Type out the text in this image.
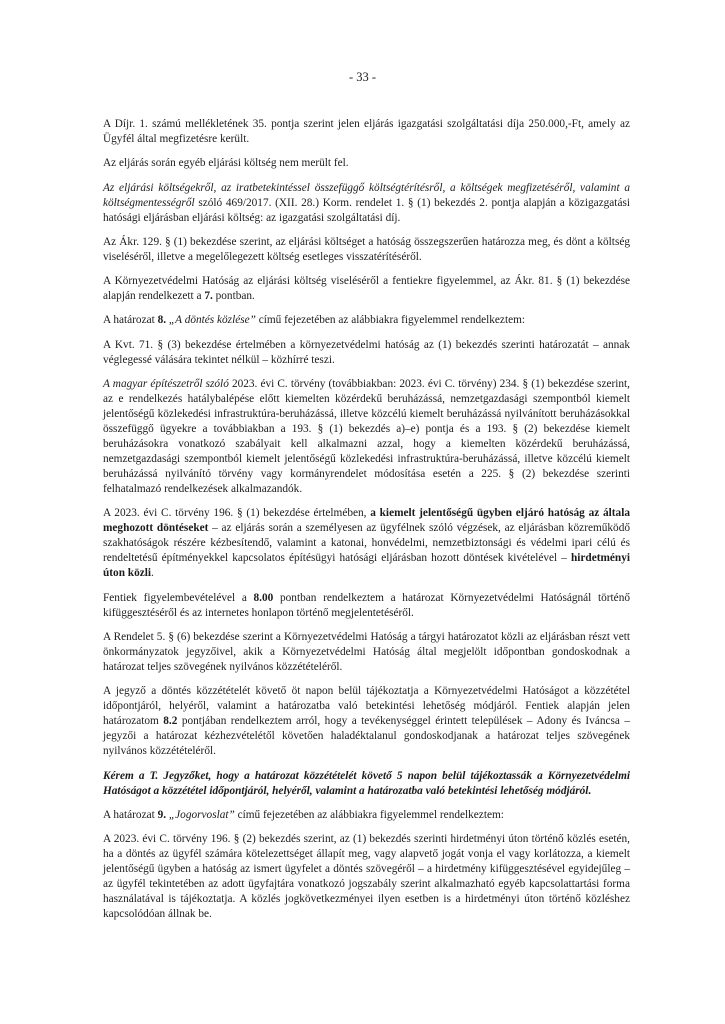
- 33 -

A Díjr. 1. számú mellékletének 35. pontja szerint jelen eljárás igazgatási szolgáltatási díja 250.000,-Ft, amely az Ügyfél által megfizetésre került.

Az eljárás során egyéb eljárási költség nem merült fel.

Az eljárási költségekről, az iratbetekintéssel összefüggő költségtérítésről, a költségek megfizetéséről, valamint a költségmentességről szóló 469/2017. (XII. 28.) Korm. rendelet 1. § (1) bekezdés 2. pontja alapján a közigazgatási hatósági eljárásban eljárási költség: az igazgatási szolgáltatási díj.

Az Ákr. 129. § (1) bekezdése szerint, az eljárási költséget a hatóság összegszerűen határozza meg, és dönt a költség viseléséről, illetve a megelőlegezett költség esetleges visszatérítéséről.

A Környezetvédelmi Hatóság az eljárási költség viseléséről a fentiekre figyelemmel, az Ákr. 81. § (1) bekezdése alapján rendelkezett a 7. pontban.

A határozat 8. „A döntés közlése” című fejezetében az alábbiakra figyelemmel rendelkeztem:

A Kvt. 71. § (3) bekezdése értelmében a környezetvédelmi hatóság az (1) bekezdés szerinti határozatát – annak véglegessé válására tekintet nélkül – közhírré teszi.

A magyar építészetről szóló 2023. évi C. törvény (továbbiakban: 2023. évi C. törvény) 234. § (1) bekezdése szerint, az e rendelkezés hatálybalépése előtt kiemelten közérdekű beruházássá, nemzetgazdasági szempontból kiemelt jelentőségű közlekedési infrastruktúra-beruházássá, illetve közcélú kiemelt beruházássá nyilvánított beruházásokkal összefüggő ügyekre a továbbiakban a 193. § (1) bekezdés a)–e) pontja és a 193. § (2) bekezdése kiemelt beruházásokra vonatkozó szabályait kell alkalmazni azzal, hogy a kiemelten közérdekű beruházássá, nemzetgazdasági szempontból kiemelt jelentőségű közlekedési infrastruktúra-beruházássá, illetve közcélú kiemelt beruházássá nyilvánító törvény vagy kormányrendelet módosítása esetén a 225. § (2) bekezdése szerinti felhatalmazó rendelkezések alkalmazandók.

A 2023. évi C. törvény 196. § (1) bekezdése értelmében, a kiemelt jelentőségű ügyben eljáró hatóság az általa meghozott döntéseket – az eljárás során a személyesen az ügyfélnek szóló végzések, az eljárásban közreműködő szakhatóságok részére kézbesítendő, valamint a katonai, honvédelmi, nemzetbiztonsági és védelmi ipari célú és rendeltetésű építményekkel kapcsolatos építésügyi hatósági eljárásban hozott döntések kivételével – hirdetményi úton közli.

Fentiek figyelembevételével a 8.00 pontban rendelkeztem a határozat Környezetvédelmi Hatóságnál történő kifüggesztéséről és az internetes honlapon történő megjelentetéséről.

A Rendelet 5. § (6) bekezdése szerint a Környezetvédelmi Hatóság a tárgyi határozatot közli az eljárásban részt vett önkormányzatok jegyzőivel, akik a Környezetvédelmi Hatóság által megjelölt időpontban gondoskodnak a határozat teljes szövegének nyilvános közzétételéről.

A jegyző a döntés közzétételét követő öt napon belül tájékoztatja a Környezetvédelmi Hatóságot a közzététel időpontjáról, helyéről, valamint a határozatba való betekintési lehetőség módjáról. Fentiek alapján jelen határozatom 8.2 pontjában rendelkeztem arról, hogy a tevékenységgel érintett települések – Adony és Iváncsa – jegyzői a határozat kézhezvételétől követően haladéktalanul gondoskodjanak a határozat teljes szövegének nyilvános közzétételéről.

Kérem a T. Jegyzőket, hogy a határozat közzétételét követő 5 napon belül tájékoztassák a Környezetvédelmi Hatóságot a közzététel időpontjáról, helyéről, valamint a határozatba való betekintési lehetőség módjáról.

A határozat 9. „Jogorvoslat” című fejezetében az alábbiakra figyelemmel rendelkeztem:

A 2023. évi C. törvény 196. § (2) bekezdés szerint, az (1) bekezdés szerinti hirdetményi úton történő közlés esetén, ha a döntés az ügyfél számára kötelezettséget állapít meg, vagy alapvető jogát vonja el vagy korlátozza, a kiemelt jelentőségű ügyben a hatóság az ismert ügyfelet a döntés szövegéről – a hirdetmény kifüggesztésével egyidejűleg – az ügyfél tekintetében az adott ügyfajtára vonatkozó jogszabály szerint alkalmazható egyéb kapcsolattartási forma használatával is tájékoztatja. A közlés jogkövetkezményei ilyen esetben is a hirdetményi úton történő közléshez kapcsolódóan állnak be.
